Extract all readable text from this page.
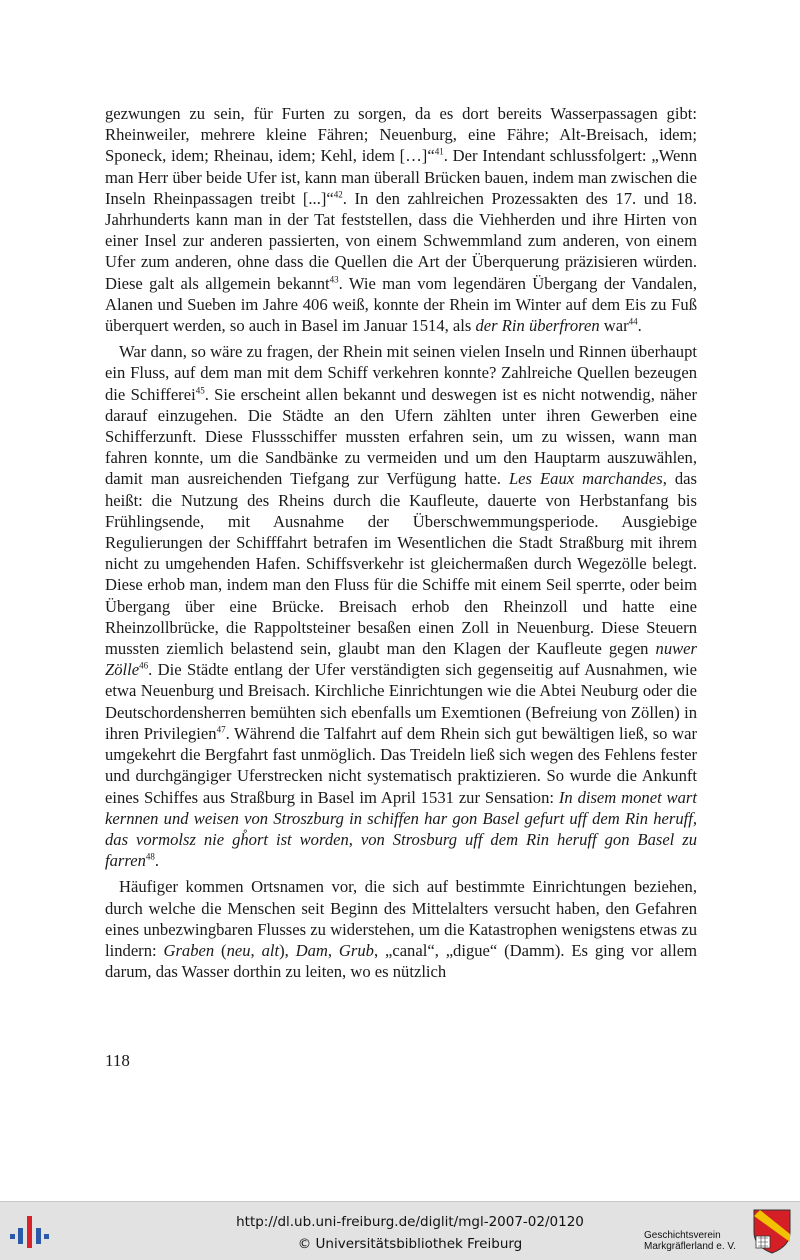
gezwungen zu sein, für Furten zu sorgen, da es dort bereits Wasserpassagen gibt: Rheinweiler, mehrere kleine Fähren; Neuenburg, eine Fähre; Alt-Breisach, idem; Sponeck, idem; Rheinau, idem; Kehl, idem […]“$^{41}$. Der Intendant schlussfolgert: „Wenn man Herr über beide Ufer ist, kann man überall Brücken bauen, indem man zwischen die Inseln Rheinpassagen treibt [...]“$^{42}$. In den zahlreichen Prozessakten des 17. und 18. Jahrhunderts kann man in der Tat feststellen, dass die Viehherden und ihre Hirten von einer Insel zur anderen passierten, von einem Schwemmland zum anderen, von einem Ufer zum anderen, ohne dass die Quellen die Art der Überquerung präzisieren würden. Diese galt als allgemein bekannt$^{43}$. Wie man vom legendären Übergang der Vandalen, Alanen und Sueben im Jahre 406 weiß, konnte der Rhein im Winter auf dem Eis zu Fuß überquert werden, so auch in Basel im Januar 1514, als der Rin überfroren war$^{44}$.

War dann, so wäre zu fragen, der Rhein mit seinen vielen Inseln und Rinnen überhaupt ein Fluss, auf dem man mit dem Schiff verkehren konnte? Zahlreiche Quellen bezeugen die Schifferei$^{45}$. Sie erscheint allen bekannt und deswegen ist es nicht notwendig, näher darauf einzugehen. Die Städte an den Ufern zählten unter ihren Gewerben eine Schifferzunft. Diese Flussschiffer mussten erfahren sein, um zu wissen, wann man fahren konnte, um die Sandbänke zu vermeiden und um den Hauptarm auszuwählen, damit man ausreichenden Tiefgang zur Verfügung hatte. Les Eaux marchandes, das heißt: die Nutzung des Rheins durch die Kaufleute, dauerte von Herbstanfang bis Frühlingsende, mit Ausnahme der Überschwemmungsperiode. Ausgiebige Regulierungen der Schifffahrt betrafen im Wesentlichen die Stadt Straßburg mit ihrem nicht zu umgehenden Hafen. Schiffsverkehr ist gleichermaßen durch Wegezölle belegt. Diese erhob man, indem man den Fluss für die Schiffe mit einem Seil sperrte, oder beim Übergang über eine Brücke. Breisach erhob den Rheinzoll und hatte eine Rheinzollbrücke, die Rappoltsteiner besaßen einen Zoll in Neuenburg. Diese Steuern mussten ziemlich belastend sein, glaubt man den Klagen der Kaufleute gegen nuwer Zölle$^{46}$. Die Städte entlang der Ufer verständigten sich gegenseitig auf Ausnahmen, wie etwa Neuenburg und Breisach. Kirchliche Einrichtungen wie die Abtei Neuburg oder die Deutschordensherren bemühten sich ebenfalls um Exemtionen (Befreiung von Zöllen) in ihren Privilegien$^{47}$. Während die Talfahrt auf dem Rhein sich gut bewältigen ließ, so war umgekehrt die Bergfahrt fast unmöglich. Das Treideln ließ sich wegen des Fehlens fester und durchgängiger Uferstrecken nicht systematisch praktizieren. So wurde die Ankunft eines Schiffes aus Straßburg in Basel im April 1531 zur Sensation: In disem monet wart kernnen und weisen von Stroszburg in schiffen har gon Basel gefurt uff dem Rin heruff, das vormolsz nie gh̊ort ist worden, von Strosburg uff dem Rin heruff gon Basel zu farren$^{48}$.

Häufiger kommen Ortsnamen vor, die sich auf bestimmte Einrichtungen beziehen, durch welche die Menschen seit Beginn des Mittelalters versucht haben, den Gefahren eines unbezwingbaren Flusses zu widerstehen, um die Katastrophen wenigstens etwas zu lindern: Graben (neu, alt), Dam, Grub, „canal“, „digue“ (Damm). Es ging vor allem darum, das Wasser dorthin zu leiten, wo es nützlich

118
http://dl.ub.uni-freiburg.de/diglit/mgl-2007-02/0120
© Universitätsbibliothek Freiburg
Geschichtsverein
Markgräflerland e. V.
